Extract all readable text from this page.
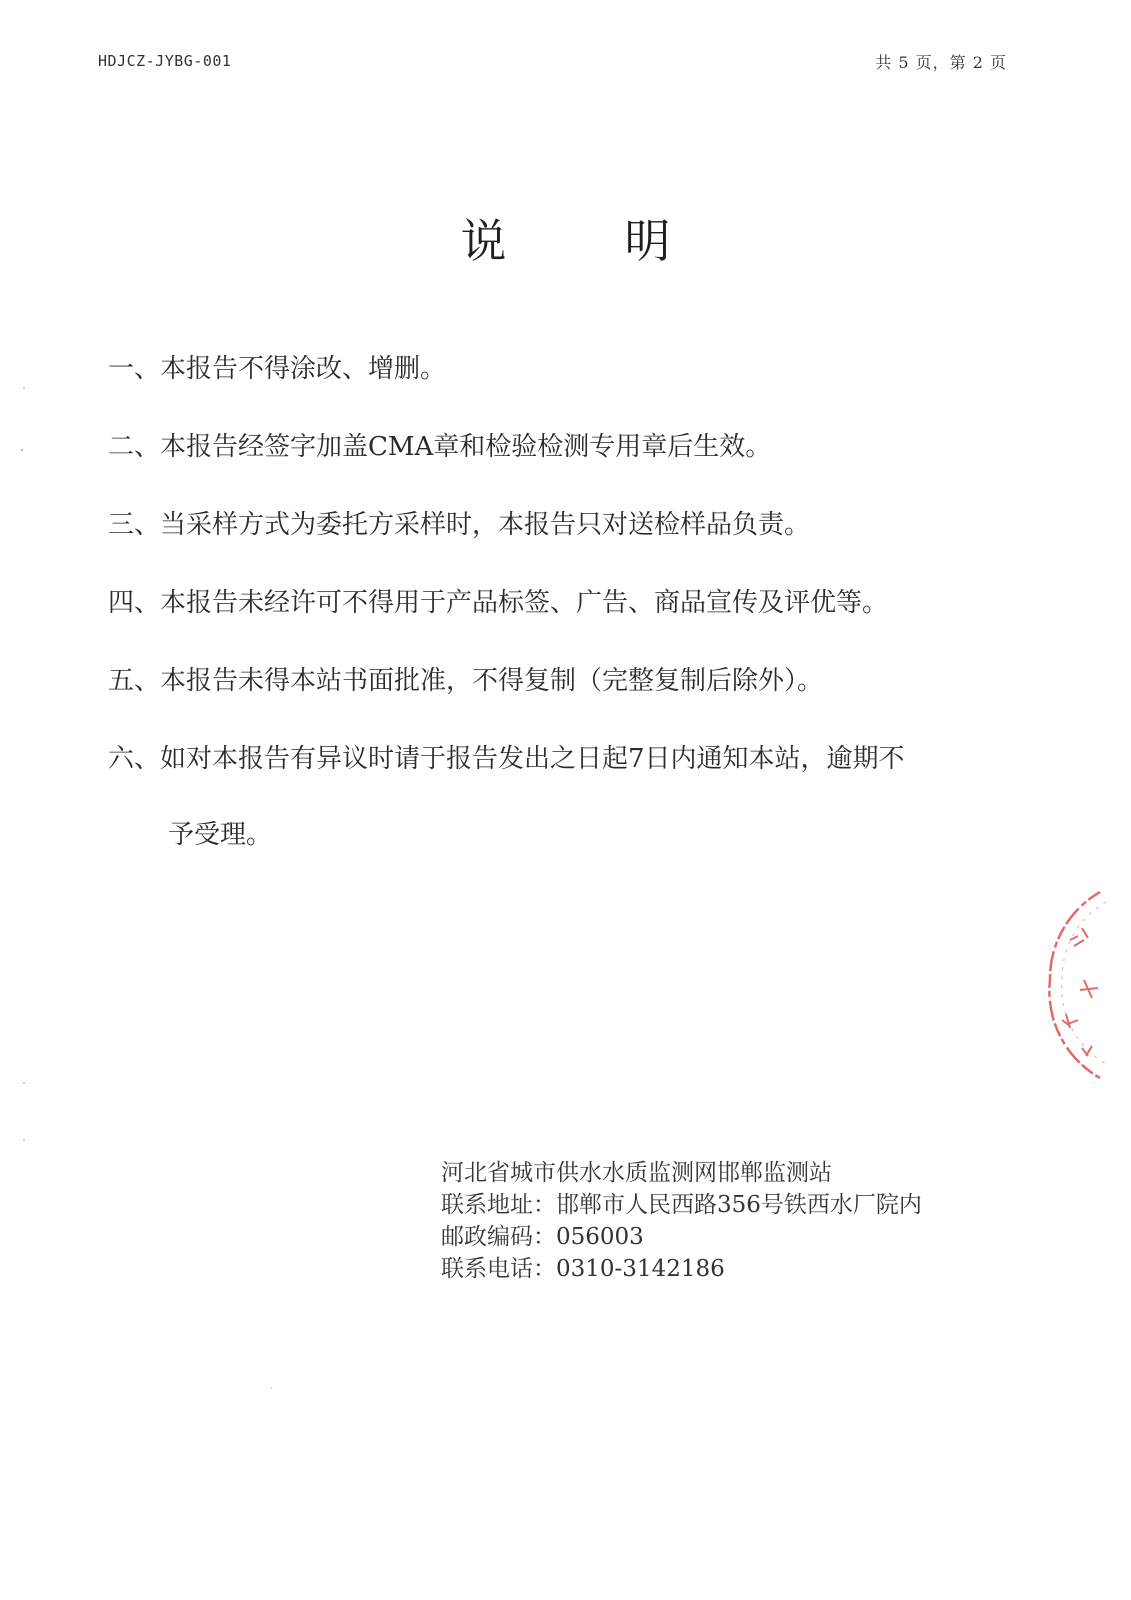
HDJCZ-JYBG-001	共 5 页，第 2 页
说	明
一、本报告不得涂改、增删。
二、本报告经签字加盖CMA章和检验检测专用章后生效。
三、当采样方式为委托方采样时，本报告只对送检样品负责。
四、本报告未经许可不得用于产品标签、广告、商品宣传及评优等。
五、本报告未得本站书面批准，不得复制（完整复制后除外）。
六、如对本报告有异议时请于报告发出之日起7日内通知本站，逾期不
予受理。
河北省城市供水水质监测网邯郸监测站
联系地址：邯郸市人民西路356号铁西水厂院内
邮政编码：056003
联系电话：0310-3142186
